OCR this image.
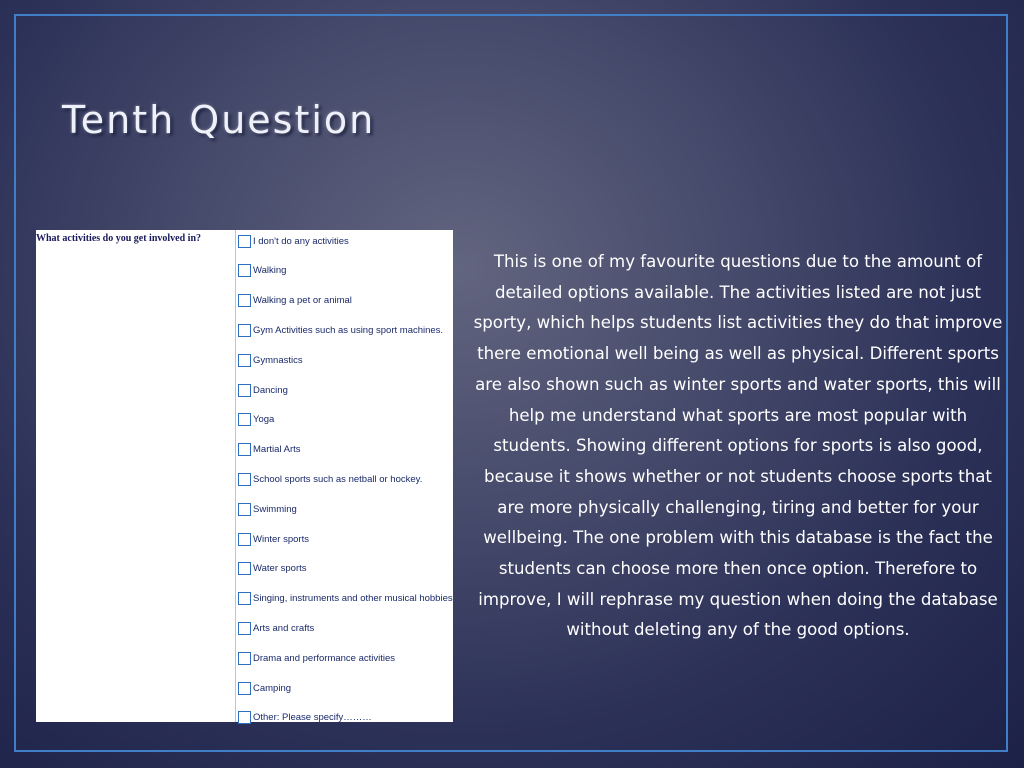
Tenth Question
What activities do you get involved in?	I don't do any activities
Walking
Walking a pet or animal
Gym Activities such as using sport machines.
Gymnastics
Dancing
Yoga
Martial Arts
School sports such as netball or hockey.
Swimming
Winter sports
Water sports
Singing, instruments and other musical hobbies
Arts and crafts
Drama and performance activities
Camping
Other: Please specify………

This is one of my favourite questions due to the amount of detailed options available. The activities listed are not just sporty, which helps students list activities they do that improve there emotional well being as well as physical. Different sports are also shown such as winter sports and water sports, this will help me understand what sports are most popular with students. Showing different options for sports is also good, because it shows whether or not students choose sports that are more physically challenging, tiring and better for your wellbeing. The one problem with this database is the fact the students can choose more then once option. Therefore to improve, I will rephrase my question when doing the database without deleting any of the good options.
